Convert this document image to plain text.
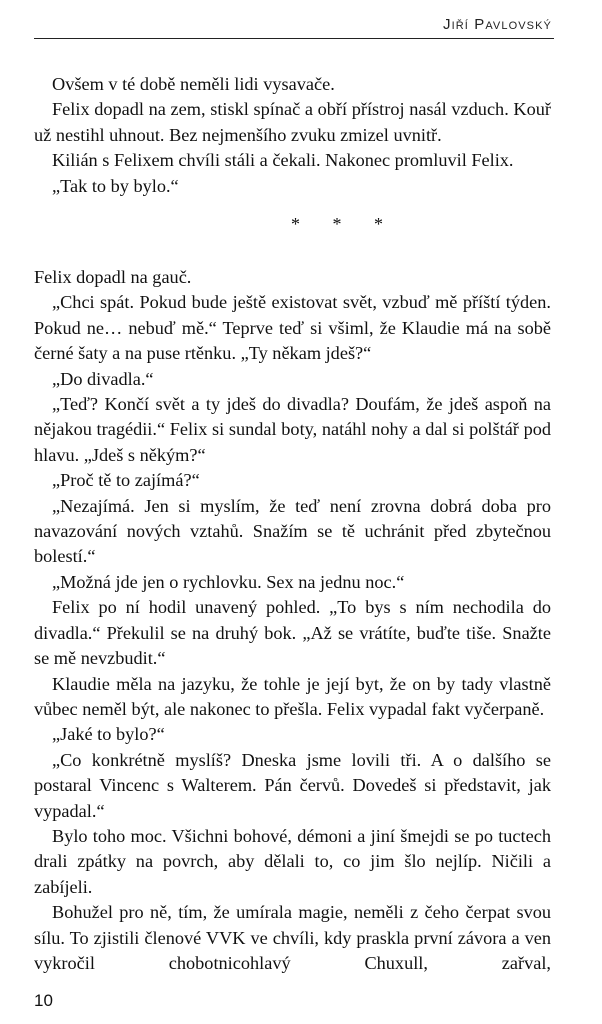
Jiří Pavlovský

Ovšem v té době neměli lidi vysavače.

Felix dopadl na zem, stiskl spínač a obří přístroj nasál vzduch. Kouř už nestihl uhnout. Bez nejmenšího zvuku zmizel uvnitř.

Kilián s Felixem chvíli stáli a čekali. Nakonec promluvil Felix.

„Tak to by bylo.“

* * *

Felix dopadl na gauč.

„Chci spát. Pokud bude ještě existovat svět, vzbuď mě příští týden. Pokud ne… nebuď mě.“ Teprve teď si všiml, že Klaudie má na sobě černé šaty a na puse rtěnku. „Ty někam jdeš?“

„Do divadla.“

„Teď? Končí svět a ty jdeš do divadla? Doufám, že jdeš aspoň na nějakou tragédii.“ Felix si sundal boty, natáhl nohy a dal si polštář pod hlavu. „Jdeš s někým?“

„Proč tě to zajímá?“

„Nezajímá. Jen si myslím, že teď není zrovna dobrá doba pro navazování nových vztahů. Snažím se tě uchránit před zbytečnou bolestí.“

„Možná jde jen o rychlovku. Sex na jednu noc.“

Felix po ní hodil unavený pohled. „To bys s ním nechodila do divadla.“ Překulil se na druhý bok. „Až se vrátíte, buďte tiše. Snažte se mě nevzbudit.“

Klaudie měla na jazyku, že tohle je její byt, že on by tady vlastně vůbec neměl být, ale nakonec to přešla. Felix vypadal fakt vyčerpaně.

„Jaké to bylo?“

„Co konkrétně myslíš? Dneska jsme lovili tři. A o dalšího se postaral Vincenc s Walterem. Pán červů. Dovedeš si představit, jak vypadal.“

Bylo toho moc. Všichni bohové, démoni a jiní šmejdi se po tuctech drali zpátky na povrch, aby dělali to, co jim šlo nejlíp. Ničili a zabíjeli.

Bohužel pro ně, tím, že umírala magie, neměli z čeho čerpat svou sílu. To zjistili členové VVK ve chvíli, kdy praskla první závora a ven vykročil chobotnicohlavý Chuxull, zařval,

10
